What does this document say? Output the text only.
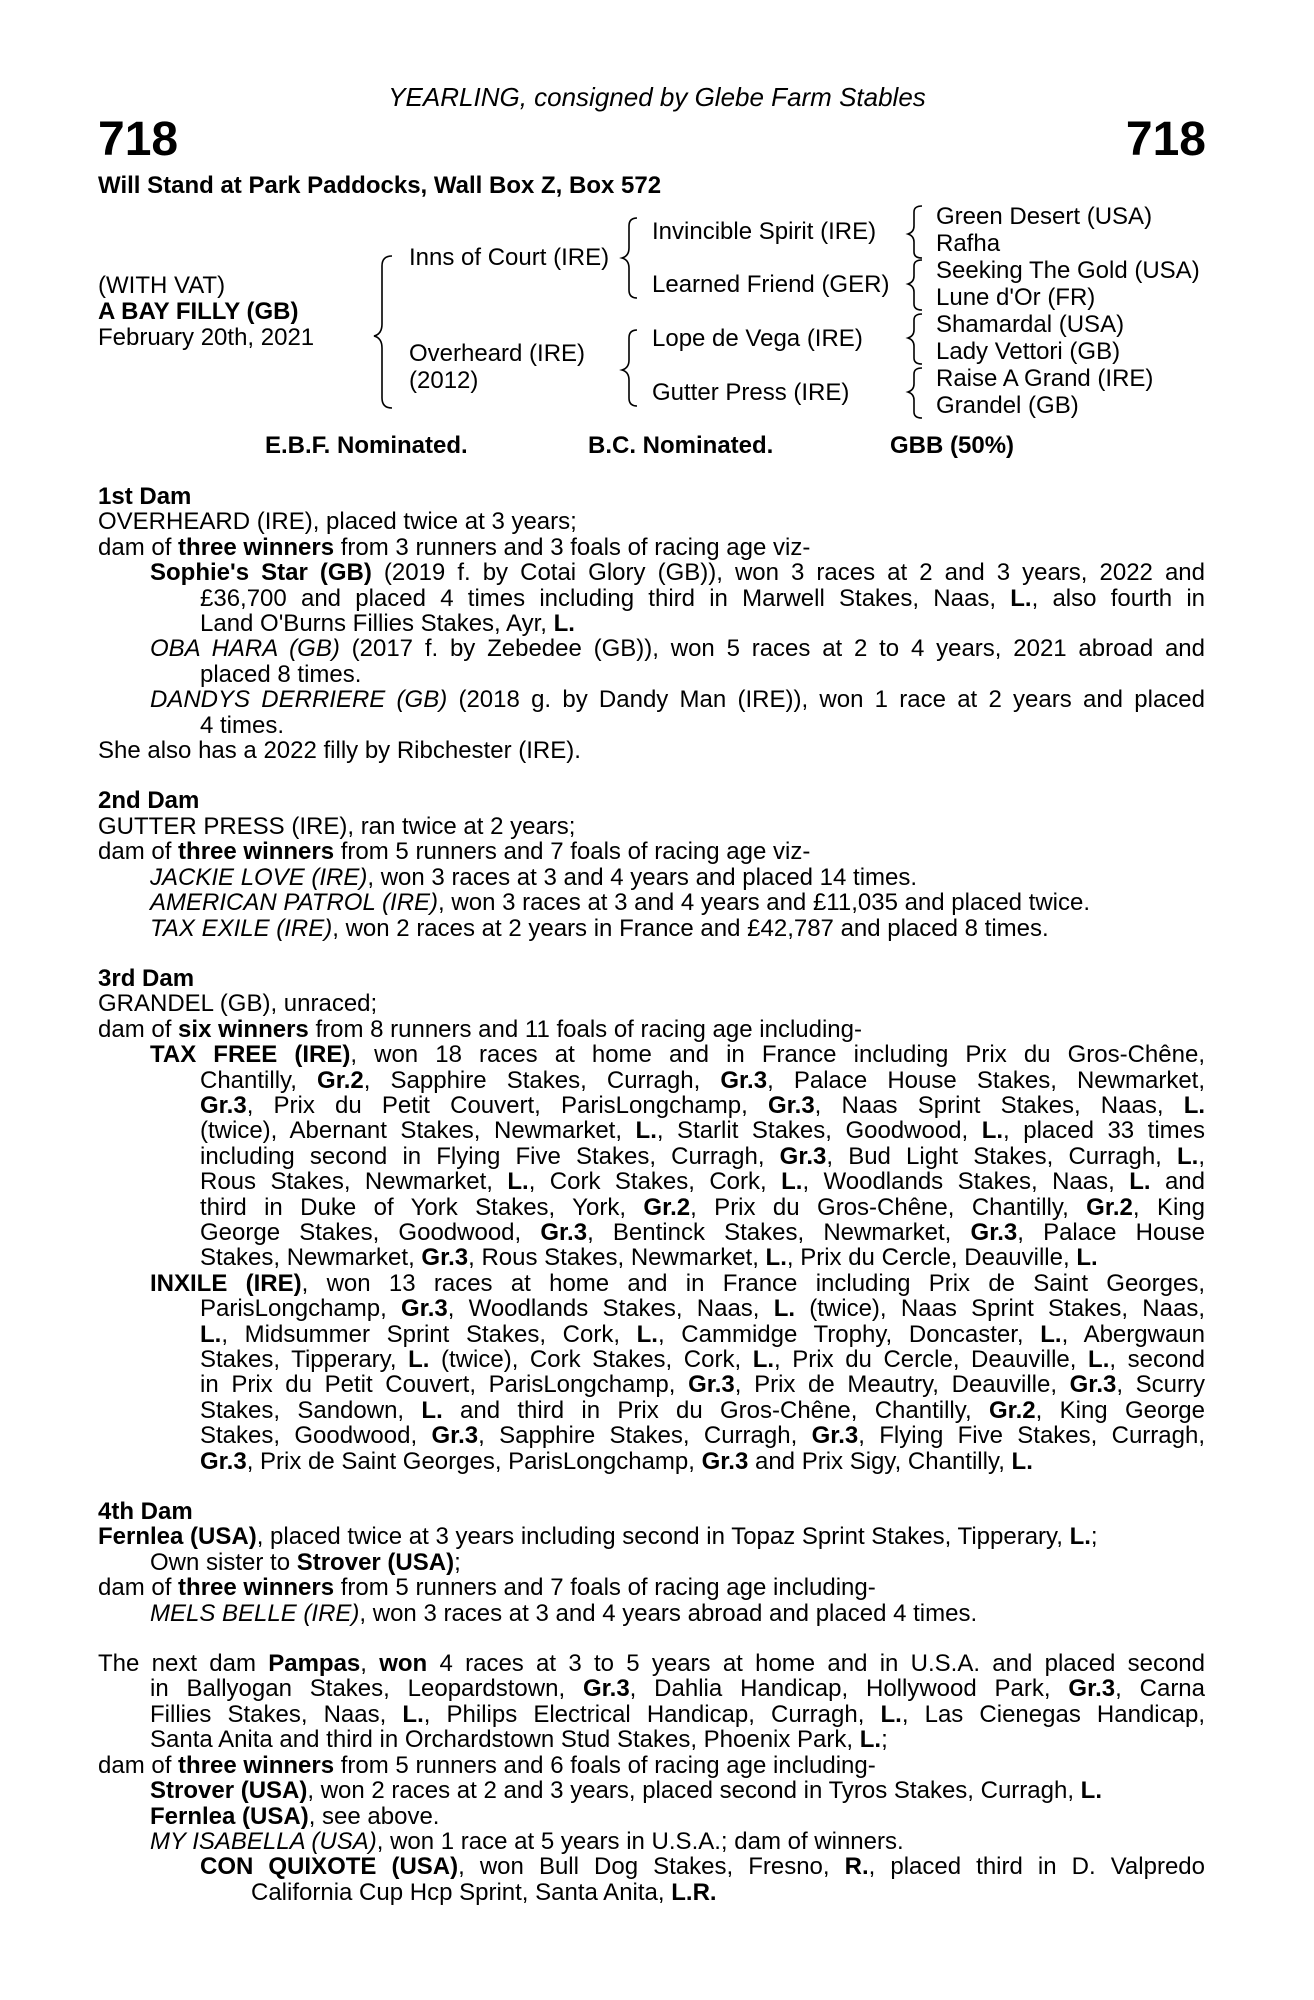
YEARLING, consigned by Glebe Farm Stables
718	718
Will Stand at Park Paddocks, Wall Box Z, Box 572
(WITH VAT)
A BAY FILLY (GB)
February 20th, 2021
Inns of Court (IRE)
Overheard (IRE)
(2012)
Invincible Spirit (IRE)
Learned Friend (GER)
Lope de Vega (IRE)
Gutter Press (IRE)
Green Desert (USA)
Rafha
Seeking The Gold (USA)
Lune d'Or (FR)
Shamardal (USA)
Lady Vettori (GB)
Raise A Grand (IRE)
Grandel (GB)
E.B.F. Nominated.	B.C. Nominated.	GBB (50%)
1st Dam
OVERHEARD (IRE), placed twice at 3 years;
dam of three winners from 3 runners and 3 foals of racing age viz-
Sophie's Star (GB) (2019 f. by Cotai Glory (GB)), won 3 races at 2 and 3 years, 2022 and
£36,700 and placed 4 times including third in Marwell Stakes, Naas, L., also fourth in
Land O'Burns Fillies Stakes, Ayr, L.
OBA HARA (GB) (2017 f. by Zebedee (GB)), won 5 races at 2 to 4 years, 2021 abroad and
placed 8 times.
DANDYS DERRIERE (GB) (2018 g. by Dandy Man (IRE)), won 1 race at 2 years and placed
4 times.
She also has a 2022 filly by Ribchester (IRE).
2nd Dam
GUTTER PRESS (IRE), ran twice at 2 years;
dam of three winners from 5 runners and 7 foals of racing age viz-
JACKIE LOVE (IRE), won 3 races at 3 and 4 years and placed 14 times.
AMERICAN PATROL (IRE), won 3 races at 3 and 4 years and £11,035 and placed twice.
TAX EXILE (IRE), won 2 races at 2 years in France and £42,787 and placed 8 times.
3rd Dam
GRANDEL (GB), unraced;
dam of six winners from 8 runners and 11 foals of racing age including-
TAX FREE (IRE), won 18 races at home and in France including Prix du Gros-Chêne,
Chantilly, Gr.2, Sapphire Stakes, Curragh, Gr.3, Palace House Stakes, Newmarket,
Gr.3, Prix du Petit Couvert, ParisLongchamp, Gr.3, Naas Sprint Stakes, Naas, L.
(twice), Abernant Stakes, Newmarket, L., Starlit Stakes, Goodwood, L., placed 33 times
including second in Flying Five Stakes, Curragh, Gr.3, Bud Light Stakes, Curragh, L.,
Rous Stakes, Newmarket, L., Cork Stakes, Cork, L., Woodlands Stakes, Naas, L. and
third in Duke of York Stakes, York, Gr.2, Prix du Gros-Chêne, Chantilly, Gr.2, King
George Stakes, Goodwood, Gr.3, Bentinck Stakes, Newmarket, Gr.3, Palace House
Stakes, Newmarket, Gr.3, Rous Stakes, Newmarket, L., Prix du Cercle, Deauville, L.
INXILE (IRE), won 13 races at home and in France including Prix de Saint Georges,
ParisLongchamp, Gr.3, Woodlands Stakes, Naas, L. (twice), Naas Sprint Stakes, Naas,
L., Midsummer Sprint Stakes, Cork, L., Cammidge Trophy, Doncaster, L., Abergwaun
Stakes, Tipperary, L. (twice), Cork Stakes, Cork, L., Prix du Cercle, Deauville, L., second
in Prix du Petit Couvert, ParisLongchamp, Gr.3, Prix de Meautry, Deauville, Gr.3, Scurry
Stakes, Sandown, L. and third in Prix du Gros-Chêne, Chantilly, Gr.2, King George
Stakes, Goodwood, Gr.3, Sapphire Stakes, Curragh, Gr.3, Flying Five Stakes, Curragh,
Gr.3, Prix de Saint Georges, ParisLongchamp, Gr.3 and Prix Sigy, Chantilly, L.
4th Dam
Fernlea (USA), placed twice at 3 years including second in Topaz Sprint Stakes, Tipperary, L.;
Own sister to Strover (USA);
dam of three winners from 5 runners and 7 foals of racing age including-
MELS BELLE (IRE), won 3 races at 3 and 4 years abroad and placed 4 times.
The next dam Pampas, won 4 races at 3 to 5 years at home and in U.S.A. and placed second
in Ballyogan Stakes, Leopardstown, Gr.3, Dahlia Handicap, Hollywood Park, Gr.3, Carna
Fillies Stakes, Naas, L., Philips Electrical Handicap, Curragh, L., Las Cienegas Handicap,
Santa Anita and third in Orchardstown Stud Stakes, Phoenix Park, L.;
dam of three winners from 5 runners and 6 foals of racing age including-
Strover (USA), won 2 races at 2 and 3 years, placed second in Tyros Stakes, Curragh, L.
Fernlea (USA), see above.
MY ISABELLA (USA), won 1 race at 5 years in U.S.A.; dam of winners.
CON QUIXOTE (USA), won Bull Dog Stakes, Fresno, R., placed third in D. Valpredo
California Cup Hcp Sprint, Santa Anita, L.R.
